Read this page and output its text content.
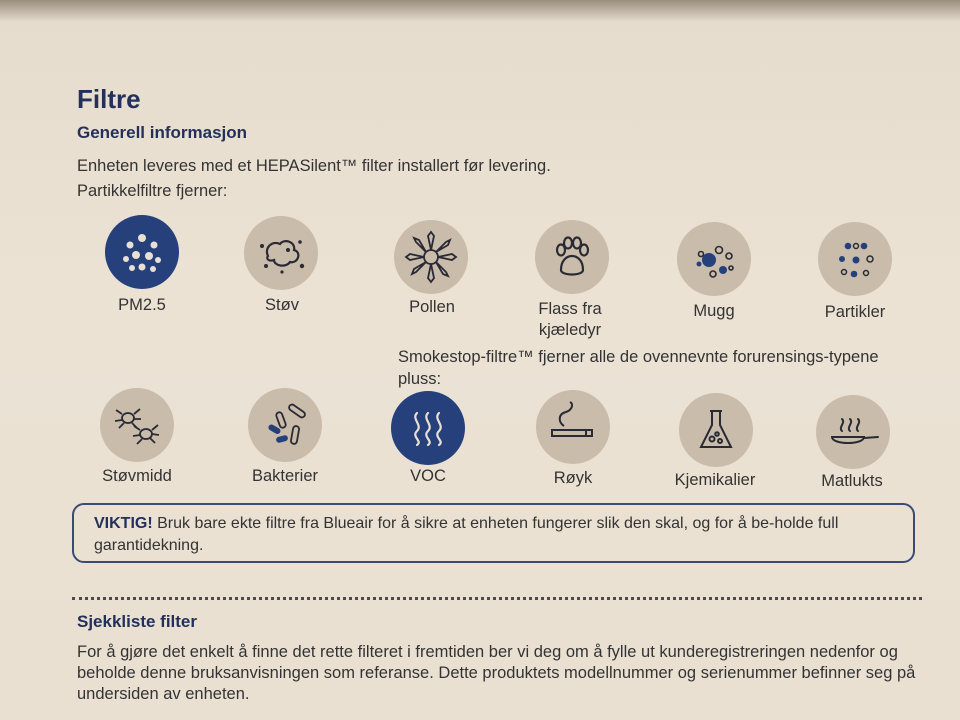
Filtre
Generell informasjon
Enheten leveres med et HEPASilent™ filter installert før levering.
Partikkelfiltre fjerner:
PM2.5	Støv	Pollen	Flass fra kjæledyr
Mugg	Partikler
Smokestop-filtre™ fjerner alle de ovennevnte forurensings-typene pluss:
Støvmidd	Bakterier	VOC	Røyk	Kjemikalier	Matlukts
VIKTIG! Bruk bare ekte filtre fra Blueair for å sikre at enheten fungerer slik den skal, og for å be-holde full garantidekning.
Sjekkliste filter
For å gjøre det enkelt å finne det rette filteret i fremtiden ber vi deg om å fylle ut kunderegistreringen nedenfor og beholde denne bruksanvisningen som referanse. Dette produktets modellnummer og serienummer befinner seg på undersiden av enheten.
